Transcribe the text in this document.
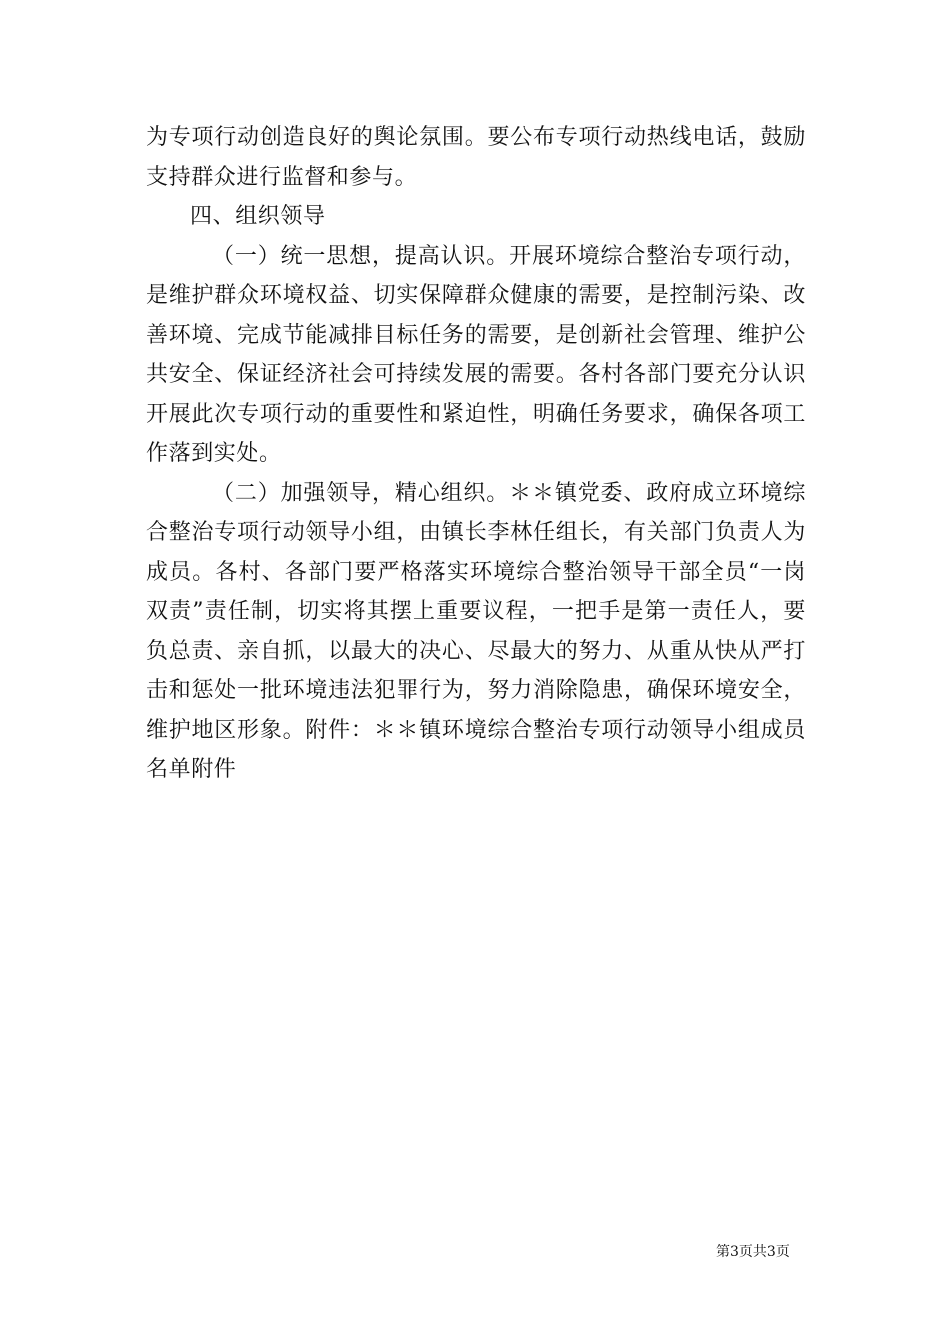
为专项行动创造良好的舆论氛围。要公布专项行动热线电话，鼓励支持群众进行监督和参与。

四、组织领导

（一）统一思想，提高认识。开展环境综合整治专项行动，是维护群众环境权益、切实保障群众健康的需要，是控制污染、改善环境、完成节能减排目标任务的需要，是创新社会管理、维护公共安全、保证经济社会可持续发展的需要。各村各部门要充分认识开展此次专项行动的重要性和紧迫性，明确任务要求，确保各项工作落到实处。

（二）加强领导，精心组织。＊＊镇党委、政府成立环境综合整治专项行动领导小组，由镇长李林任组长，有关部门负责人为成员。各村、各部门要严格落实环境综合整治领导干部全员“一岗双责”责任制，切实将其摆上重要议程，一把手是第一责任人，要负总责、亲自抓，以最大的决心、尽最大的努力、从重从快从严打击和惩处一批环境违法犯罪行为，努力消除隐患，确保环境安全，维护地区形象。附件：＊＊镇环境综合整治专项行动领导小组成员名单附件

第3页共3页
